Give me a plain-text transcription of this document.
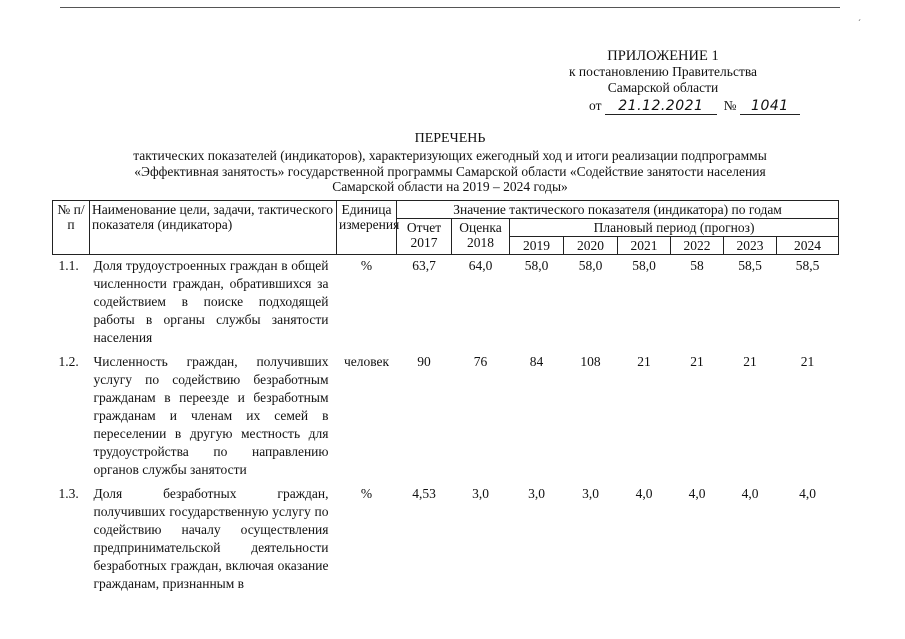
ˊ
ПРИЛОЖЕНИЕ 1
к постановлению Правительства
Самарской области
от 21.12.2021 № 1041
ПЕРЕЧЕНЬ
тактических показателей (индикаторов), характеризующих ежегодный ход и итоги реализации подпрограммы
«Эффективная занятость» государственной программы Самарской области «Содействие занятости населения
Самарской области на 2019 – 2024 годы»
№ п/п	Наименование цели, задачи, тактического показателя (индикатора)	Единица измерения	Значение тактического показателя (индикатора) по годам							
			Отчет 2017	Оценка 2018	Плановый период (прогноз)					
					2019	2020	2021	2022	2023	2024
1.1.	Доля трудоустроенных граждан в общей численности граждан, обратившихся за содействием в поиске подходящей работы в органы службы занятости населения	%	63,7	64,0	58,0	58,0	58,0	58	58,5	58,5
1.2.	Численность граждан, получивших услугу по содействию безработным гражданам в переезде и безработным гражданам и членам их семей в переселении в другую местность для трудоустройства по направлению органов службы занятости	человек	90	76	84	108	21	21	21	21
1.3.	Доля безработных граждан, получивших государственную услугу по содействию началу осуществления предпринимательской деятельности безработных граждан, включая оказание гражданам, признанным в	%	4,53	3,0	3,0	3,0	4,0	4,0	4,0	4,0
